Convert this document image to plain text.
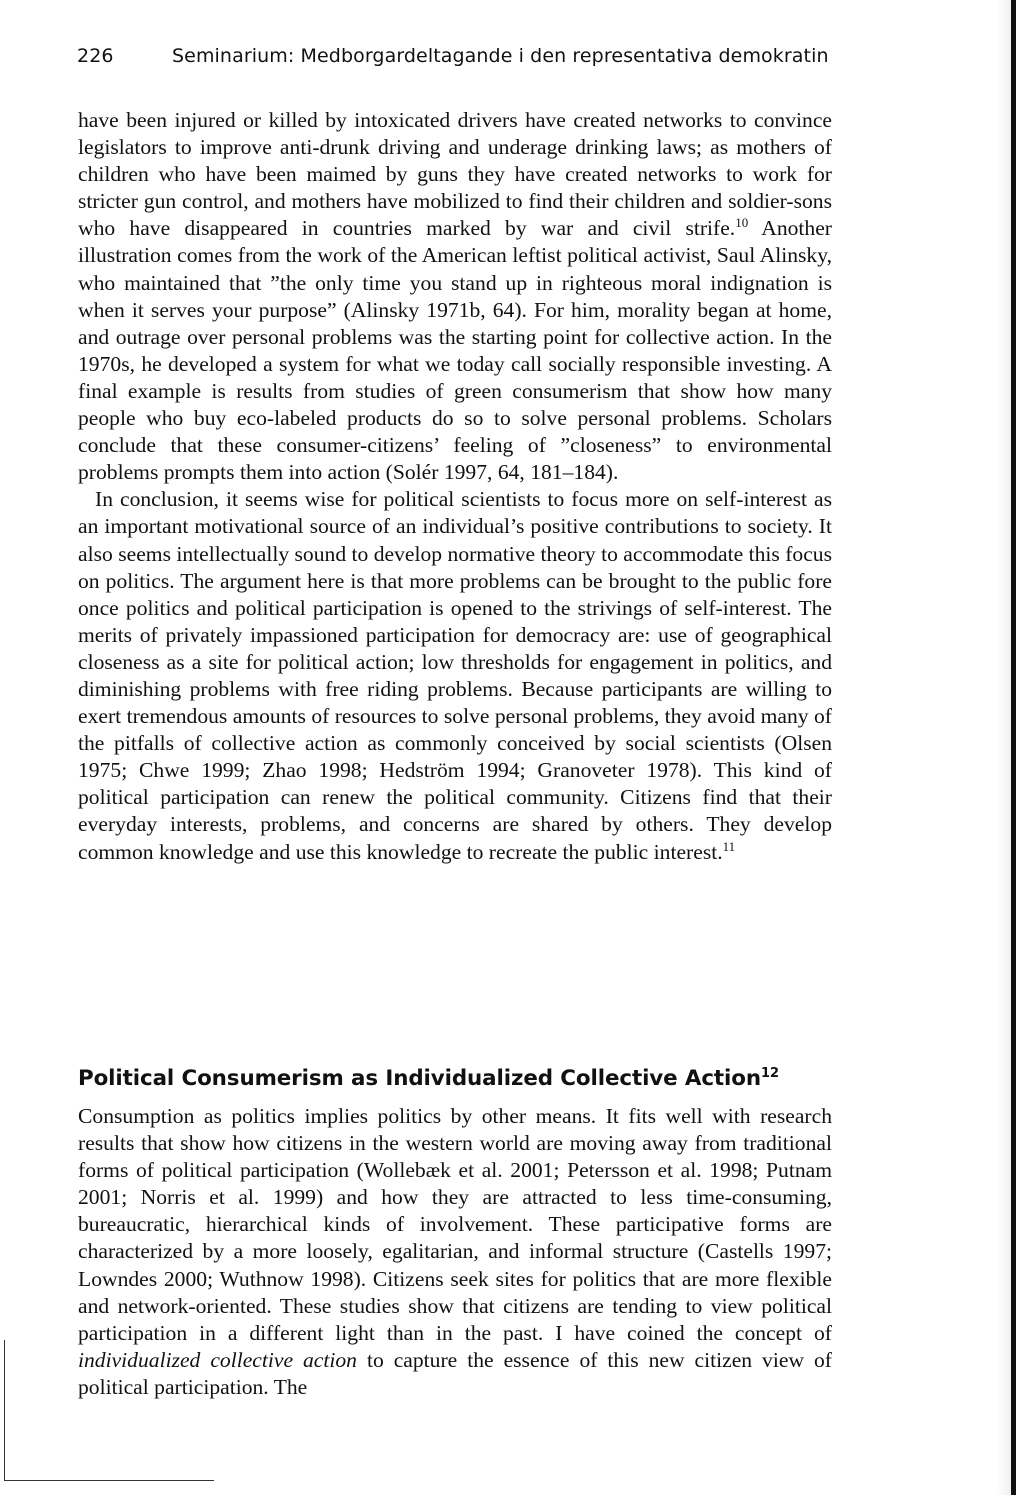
226	Seminarium: Medborgardeltagande i den representativa demokratin

have been injured or killed by intoxicated drivers have created networks to convince legislators to improve anti-drunk driving and underage drinking laws; as mothers of children who have been maimed by guns they have created networks to work for stricter gun control, and mothers have mobilized to find their children and soldier-sons who have disappeared in countries marked by war and civil strife.$^{10}$ Another illustration comes from the work of the American leftist political activist, Saul Alinsky, who maintained that ”the only time you stand up in righteous moral indignation is when it serves your purpose” (Alinsky 1971b, 64). For him, morality began at home, and outrage over personal problems was the starting point for collective action. In the 1970s, he developed a system for what we today call socially responsible investing. A final example is results from studies of green consumerism that show how many people who buy eco-labeled products do so to solve personal problems. Scholars conclude that these consumer-citizens’ feeling of ”closeness” to environmental problems prompts them into action (Solér 1997, 64, 181–184).

In conclusion, it seems wise for political scientists to focus more on self-interest as an important motivational source of an individual’s positive contributions to society. It also seems intellectually sound to develop normative theory to accommodate this focus on politics. The argument here is that more problems can be brought to the public fore once politics and political participation is opened to the strivings of self-interest. The merits of privately impassioned participation for democracy are: use of geographical closeness as a site for political action; low thresholds for engagement in politics, and diminishing problems with free riding problems. Because participants are willing to exert tremendous amounts of resources to solve personal problems, they avoid many of the pitfalls of collective action as commonly conceived by social scientists (Olsen 1975; Chwe 1999; Zhao 1998; Hedström 1994; Granoveter 1978). This kind of political participation can renew the political community. Citizens find that their everyday interests, problems, and concerns are shared by others. They develop common knowledge and use this knowledge to recreate the public interest.$^{11}$

Political Consumerism as Individualized Collective Action$^{12}$

Consumption as politics implies politics by other means. It fits well with research results that show how citizens in the western world are moving away from traditional forms of political participation (Wollebæk et al. 2001; Petersson et al. 1998; Putnam 2001; Norris et al. 1999) and how they are attracted to less time-consuming, bureaucratic, hierarchical kinds of involvement. These participative forms are characterized by a more loosely, egalitarian, and informal structure (Castells 1997; Lowndes 2000; Wuthnow 1998). Citizens seek sites for politics that are more flexible and network-oriented. These studies show that citizens are tending to view political participation in a different light than in the past. I have coined the concept of individualized collective action to capture the essence of this new citizen view of political participation. The
